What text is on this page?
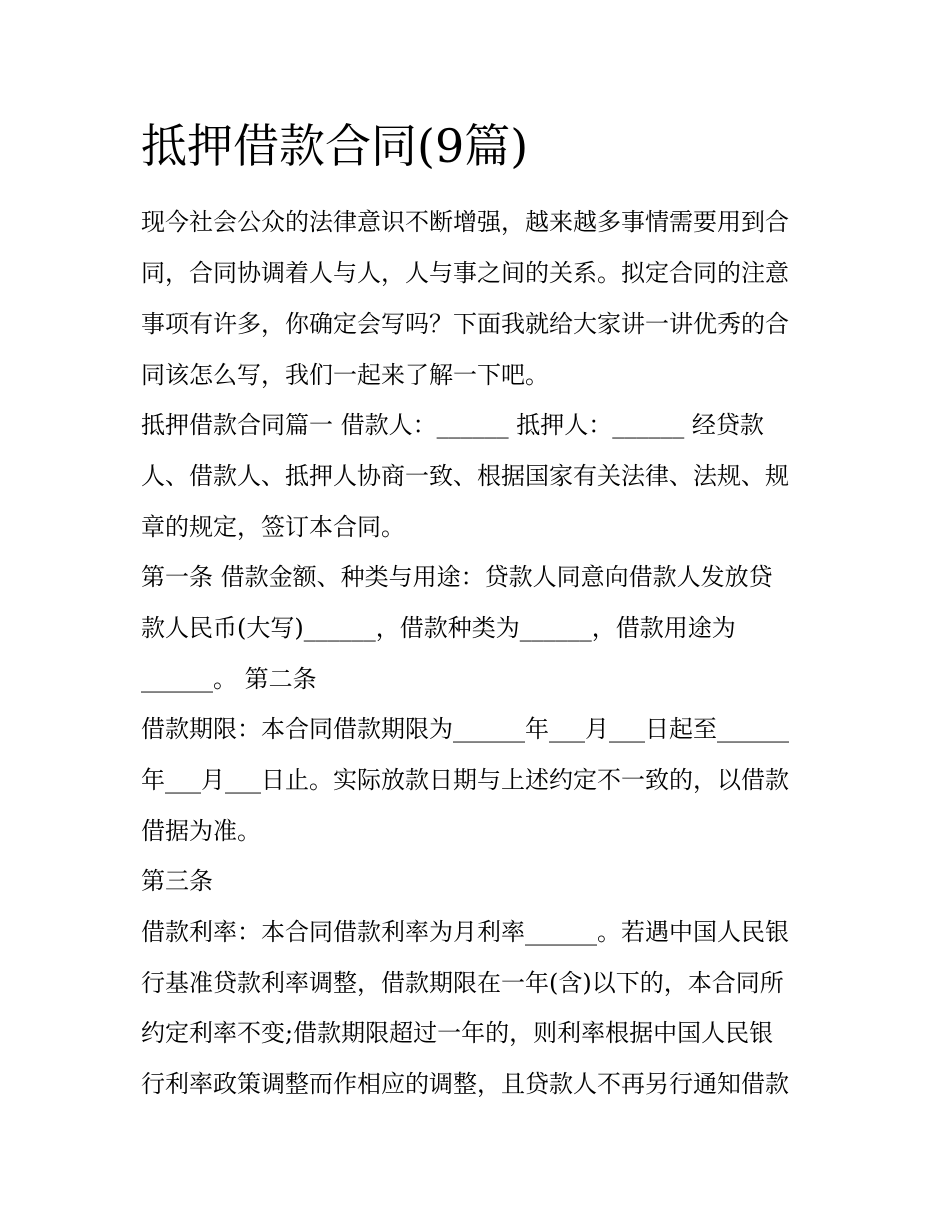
抵押借款合同(9篇)

现今社会公众的法律意识不断增强，越来越多事情需要用到合

同，合同协调着人与人，人与事之间的关系。拟定合同的注意

事项有许多，你确定会写吗？下面我就给大家讲一讲优秀的合

同该怎么写，我们一起来了解一下吧。

抵押借款合同篇一 借款人：______ 抵押人：______ 经贷款

人、借款人、抵押人协商一致、根据国家有关法律、法规、规

章的规定，签订本合同。

第一条 借款金额、种类与用途：贷款人同意向借款人发放贷

款人民币(大写)______，借款种类为______，借款用途为

______。 第二条

借款期限：本合同借款期限为______年___月___日起至______

年___月___日止。实际放款日期与上述约定不一致的，以借款

借据为准。

第三条

借款利率：本合同借款利率为月利率______。若遇中国人民银

行基准贷款利率调整，借款期限在一年(含)以下的，本合同所

约定利率不变;借款期限超过一年的，则利率根据中国人民银

行利率政策调整而作相应的调整，且贷款人不再另行通知借款
